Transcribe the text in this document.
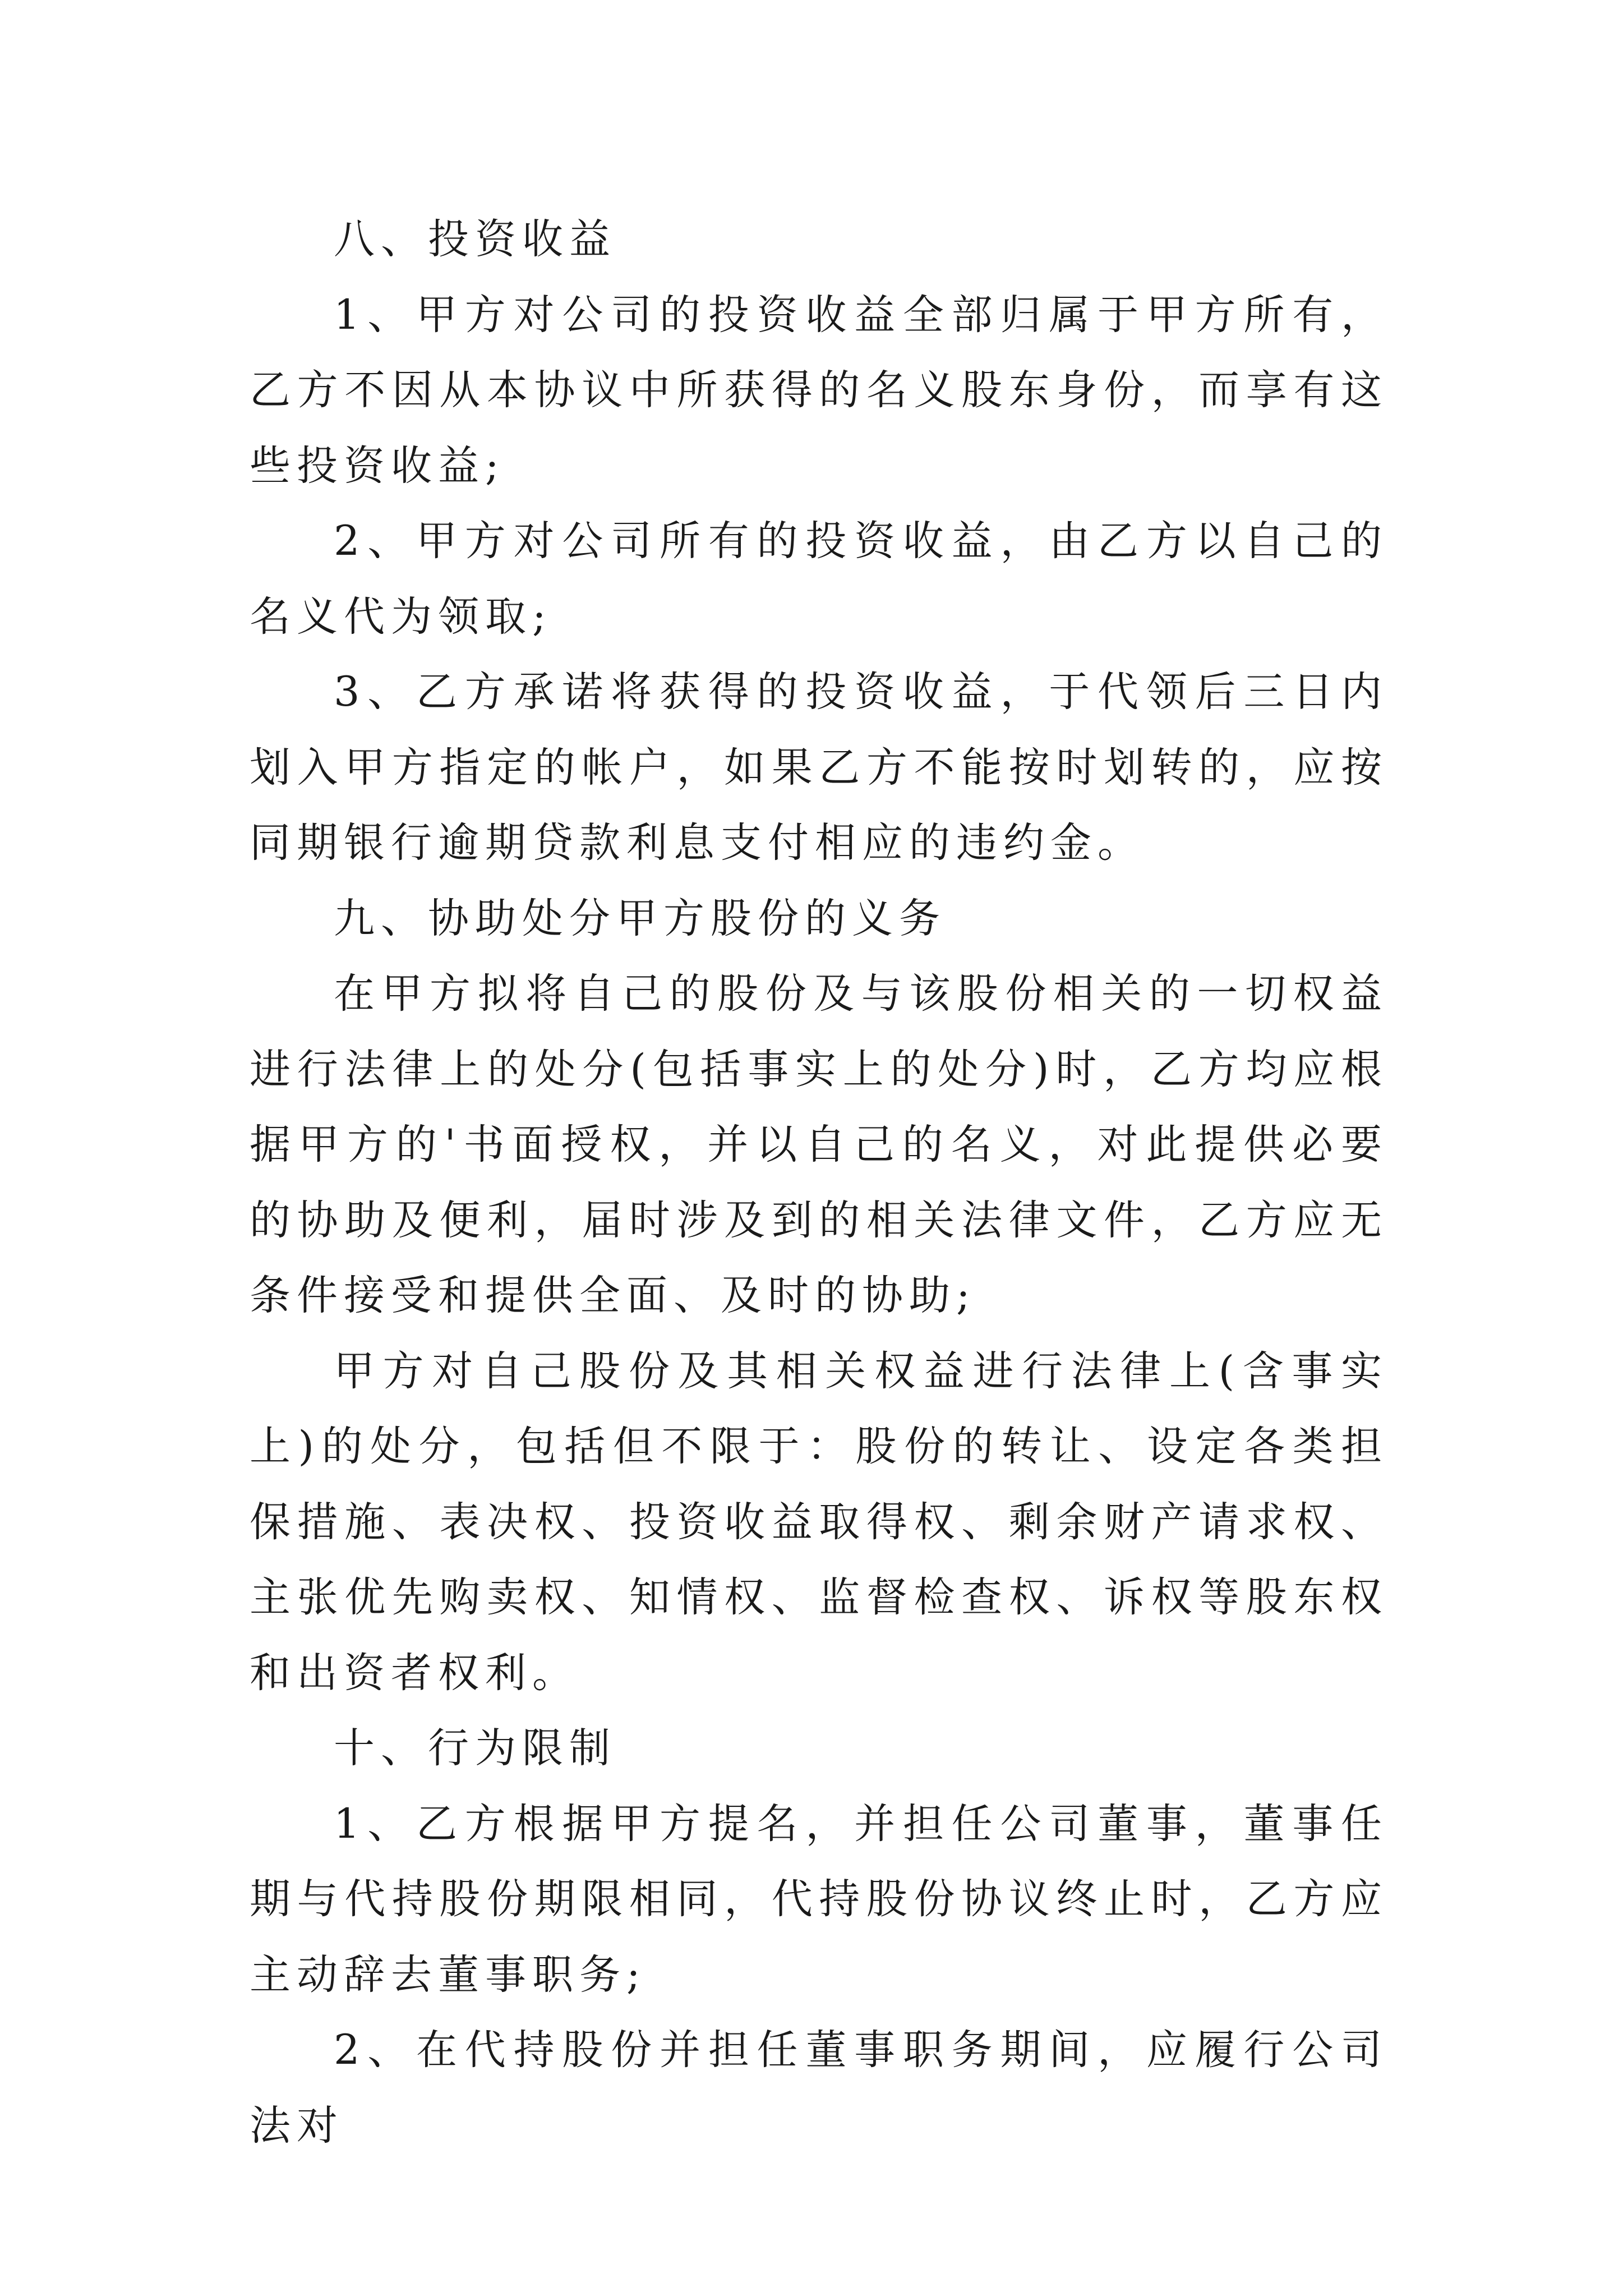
八、投资收益

1、甲方对公司的投资收益全部归属于甲方所有，乙方不因从本协议中所获得的名义股东身份，而享有这些投资收益;

2、甲方对公司所有的投资收益，由乙方以自己的名义代为领取;

3、乙方承诺将获得的投资收益，于代领后三日内划入甲方指定的帐户，如果乙方不能按时划转的，应按同期银行逾期贷款利息支付相应的违约金。

九、协助处分甲方股份的义务

在甲方拟将自己的股份及与该股份相关的一切权益进行法律上的处分(包括事实上的处分)时，乙方均应根据甲方的'书面授权，并以自己的名义，对此提供必要的协助及便利，届时涉及到的相关法律文件，乙方应无条件接受和提供全面、及时的协助;

甲方对自己股份及其相关权益进行法律上(含事实上)的处分，包括但不限于：股份的转让、设定各类担保措施、表决权、投资收益取得权、剩余财产请求权、主张优先购卖权、知情权、监督检查权、诉权等股东权和出资者权利。

十、行为限制

1、乙方根据甲方提名，并担任公司董事，董事任期与代持股份期限相同，代持股份协议终止时，乙方应主动辞去董事职务;

2、在代持股份并担任董事职务期间，应履行公司法对
